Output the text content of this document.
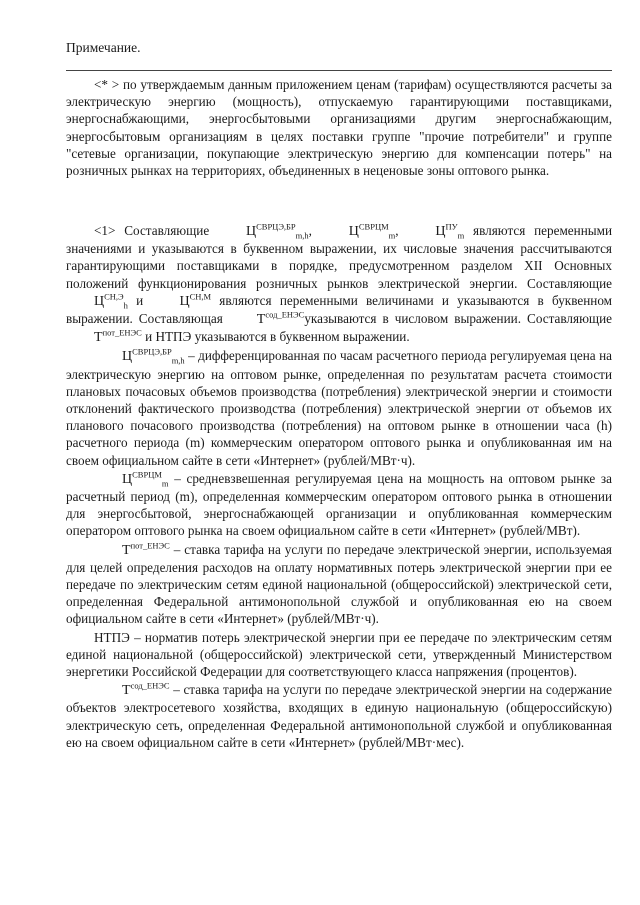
Примечание.

<* > по утверждаемым данным приложением ценам (тарифам) осуществляются расчеты за электрическую энергию (мощность), отпускаемую гарантирующими поставщиками, энергоснабжающими, энергосбытовыми организациями другим энергоснабжающим, энергосбытовым организациям в целях поставки группе "прочие потребители" и группе "сетевые организации, покупающие электрическую энергию для компенсации потерь" на розничных рынках на территориях, объединенных в неценовые зоны оптового рынка.

<1> Составляющие	$Ц^{СВРЦЭ,БР}_{m,h}$,	$Ц^{СВРЦМ}_m$,	$Ц^{ПУ}_m$ являются переменными значениями и указываются в буквенном выражении, их числовые значения рассчитываются гарантирующими поставщиками в порядке, предусмотренном разделом XII Основных положений функционирования розничных рынков электрической энергии. Составляющие $Ц^{СН,Э}_h$ и	$Ц^{СН,М}$ являются переменными величинами и указываются в буквенном выражении. Составляющая $Т^{сод\_ЕНЭС}указываются$ в числовом выражении. Составляющие $Т^{пот\_ЕНЭС}$ и НТПЭ указываются в буквенном выражении.

$Ц^{СВРЦЭ,БР}_{m,h}$ – дифференцированная по часам расчетного периода регулируемая цена на электрическую энергию на оптовом рынке, определенная по результатам расчета стоимости плановых почасовых объемов производства (потребления) электрической энергии и стоимости отклонений фактического производства (потребления) электрической энергии от объемов их планового почасового производства (потребления) на оптовом рынке в отношении часа (h) расчетного периода (m) коммерческим оператором оптового рынка и опубликованная им на своем официальном сайте в сети «Интернет» (рублей/МВт·ч).

$Ц^{СВРЦМ}_m$ – средневзвешенная регулируемая цена на мощность на оптовом рынке за расчетный период (m), определенная коммерческим оператором оптового рынка в отношении для энергосбытовой, энергоснабжающей организации и опубликованная коммерческим оператором оптового рынка на своем официальном сайте в сети «Интернет» (рублей/МВт).

$Т^{пот\_ЕНЭС}$ – ставка тарифа на услуги по передаче электрической энергии, используемая для целей определения расходов на оплату нормативных потерь электрической энергии при ее передаче по электрическим сетям единой национальной (общероссийской) электрической сети, определенная Федеральной антимонопольной службой и опубликованная ею на своем официальном сайте в сети «Интернет» (рублей/МВт·ч).

НТПЭ – норматив потерь электрической энергии при ее передаче по электрическим сетям единой национальной (общероссийской) электрической сети, утвержденный Министерством энергетики Российской Федерации для соответствующего класса напряжения (процентов).

$Т^{сод\_ЕНЭС}$ – ставка тарифа на услуги по передаче электрической энергии на содержание объектов электросетевого хозяйства, входящих в единую национальную (общероссийскую) электрическую сеть, определенная Федеральной антимонопольной службой и опубликованная ею на своем официальном сайте в сети «Интернет» (рублей/МВт·мес).
